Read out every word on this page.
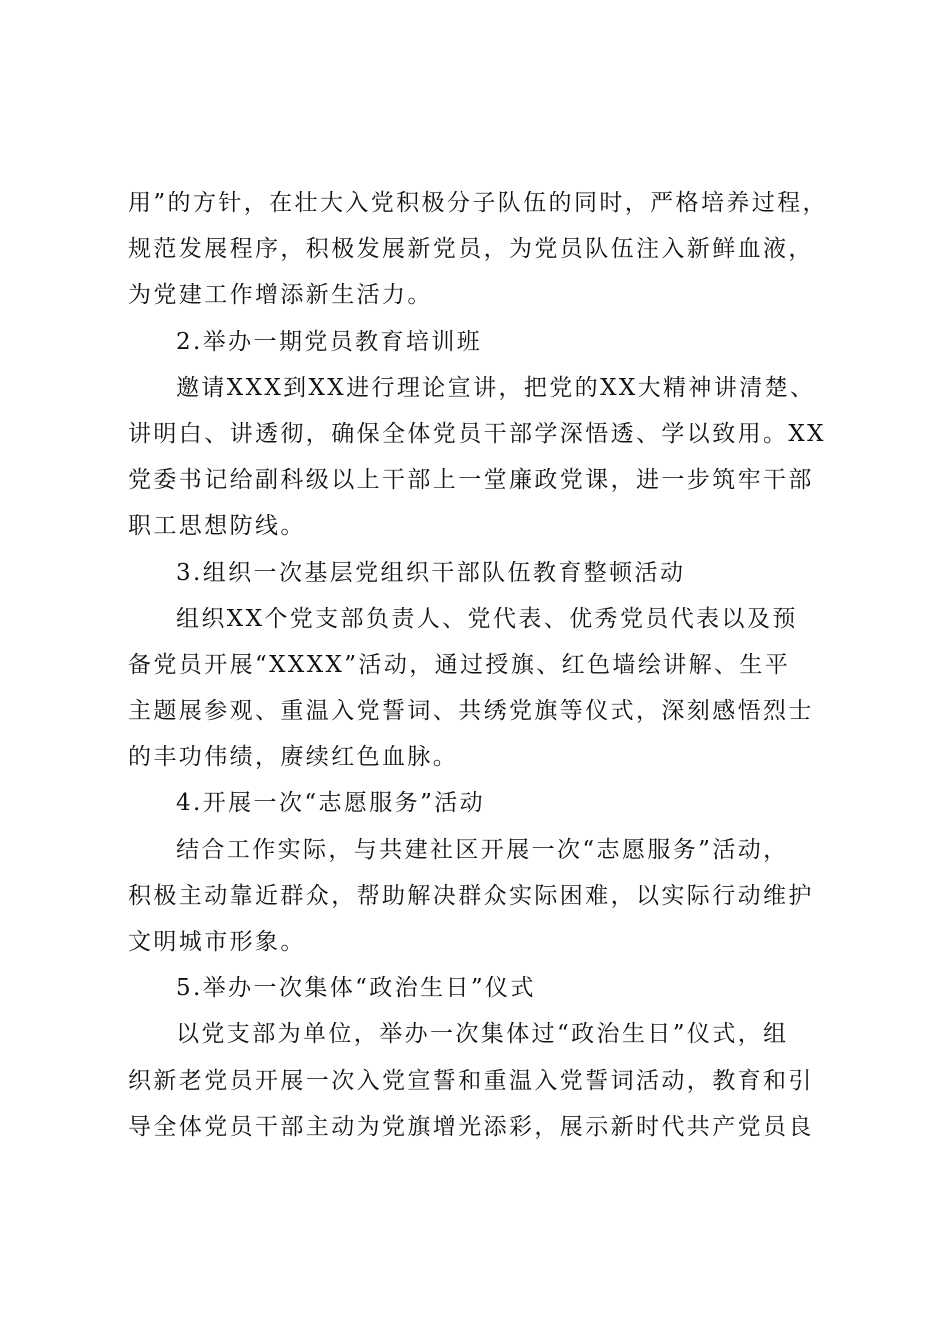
用”的方针，在壮大入党积极分子队伍的同时，严格培养过程，
规范发展程序，积极发展新党员，为党员队伍注入新鲜血液，
为党建工作增添新生活力。
2.举办一期党员教育培训班
邀请XXX到XX进行理论宣讲，把党的XX大精神讲清楚、
讲明白、讲透彻，确保全体党员干部学深悟透、学以致用。XX
党委书记给副科级以上干部上一堂廉政党课，进一步筑牢干部
职工思想防线。
3.组织一次基层党组织干部队伍教育整顿活动
组织XX个党支部负责人、党代表、优秀党员代表以及预
备党员开展“XXXX”活动，通过授旗、红色墙绘讲解、生平
主题展参观、重温入党誓词、共绣党旗等仪式，深刻感悟烈士
的丰功伟绩，赓续红色血脉。
4.开展一次“志愿服务”活动
结合工作实际，与共建社区开展一次“志愿服务”活动，
积极主动靠近群众，帮助解决群众实际困难，以实际行动维护
文明城市形象。
5.举办一次集体“政治生日”仪式
以党支部为单位，举办一次集体过“政治生日”仪式，组
织新老党员开展一次入党宣誓和重温入党誓词活动，教育和引
导全体党员干部主动为党旗增光添彩，展示新时代共产党员良
